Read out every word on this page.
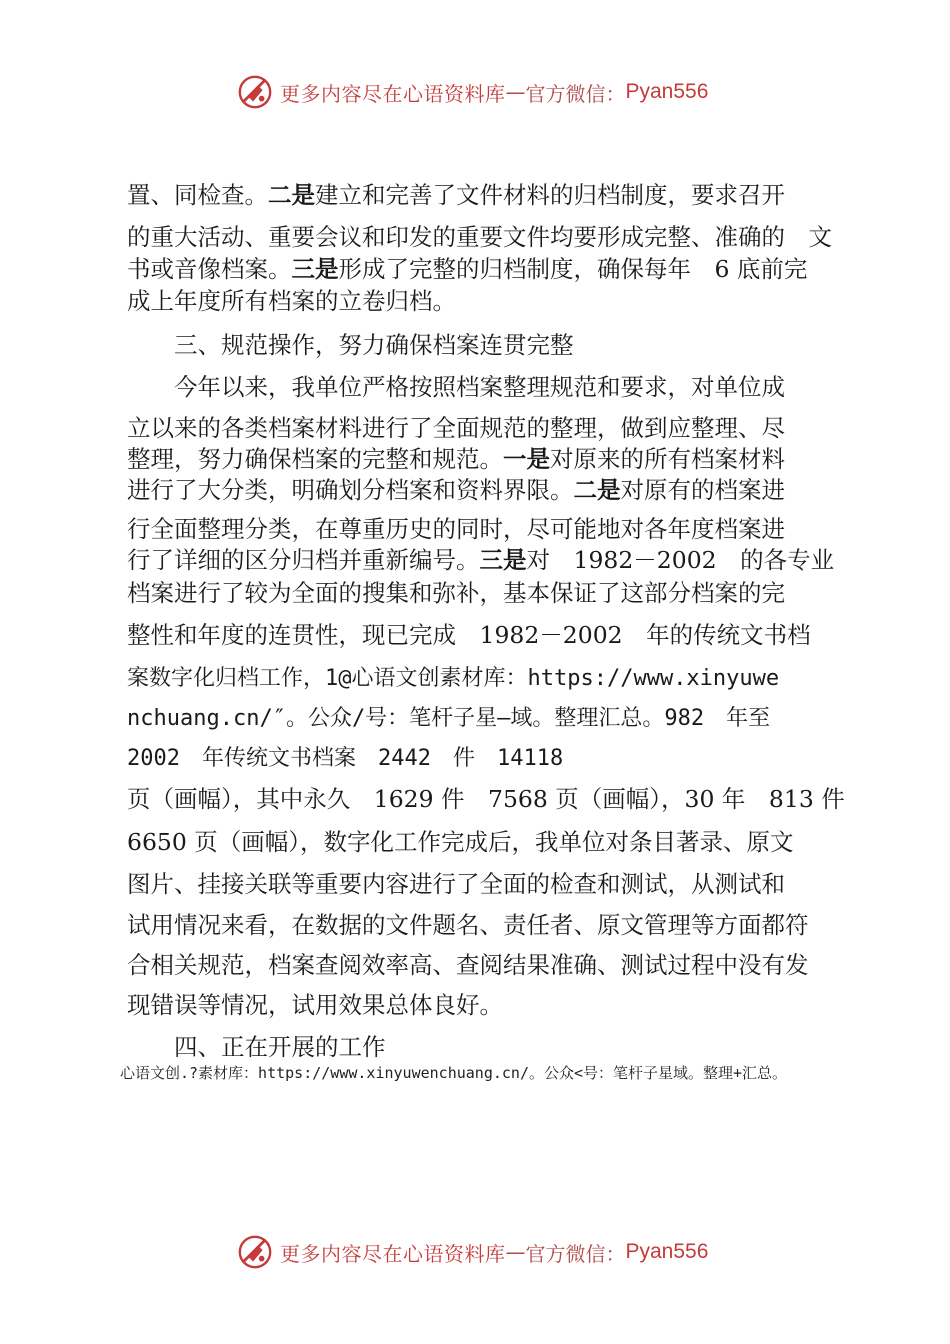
更多内容尽在心语资料库 — 官方微信： Pyan556
置、同检查。二是建立和完善了文件材料的归档制度，要求召开
的重大活动、重要会议和印发的重要文件均要形成完整、准确的　文
书或音像档案。三是形成了完整的归档制度，确保每年　6 底前完
成上年度所有档案的立卷归档。
　　三、规范操作，努力确保档案连贯完整
　　今年以来，我单位严格按照档案整理规范和要求，对单位成
立以来的各类档案材料进行了全面规范的整理，做到应整理、尽
整理，努力确保档案的完整和规范。一是对原来的所有档案材料
进行了大分类，明确划分档案和资料界限。二是对原有的档案进
行全面整理分类，在尊重历史的同时，尽可能地对各年度档案进
行了详细的区分归档并重新编号。三是对　1982－2002　的各专业
档案进行了较为全面的搜集和弥补，基本保证了这部分档案的完
整性和年度的连贯性，现已完成　1982－2002　年的传统文书档
案数字化归档工作，1@心语文创素材库：https://www.xinyuwe
nchuang.cn/″。公众/号：笔杆子星—域。整理汇总。982　年至
2002　年传统文书档案　2442　件　14118
页（画幅），其中永久　1629 件　7568 页（画幅），30 年　813 件
6650 页（画幅），数字化工作完成后，我单位对条目著录、原文
图片、挂接关联等重要内容进行了全面的检查和测试，从测试和
试用情况来看，在数据的文件题名、责任者、原文管理等方面都符
合相关规范，档案查阅效率高、查阅结果准确、测试过程中没有发
现错误等情况，试用效果总体良好。
　　四、正在开展的工作
心语文创.?素材库：https://www.xinyuwenchuang.cn/。公众<号：笔杆子星域。整理+汇总。
更多内容尽在心语资料库 — 官方微信： Pyan556
